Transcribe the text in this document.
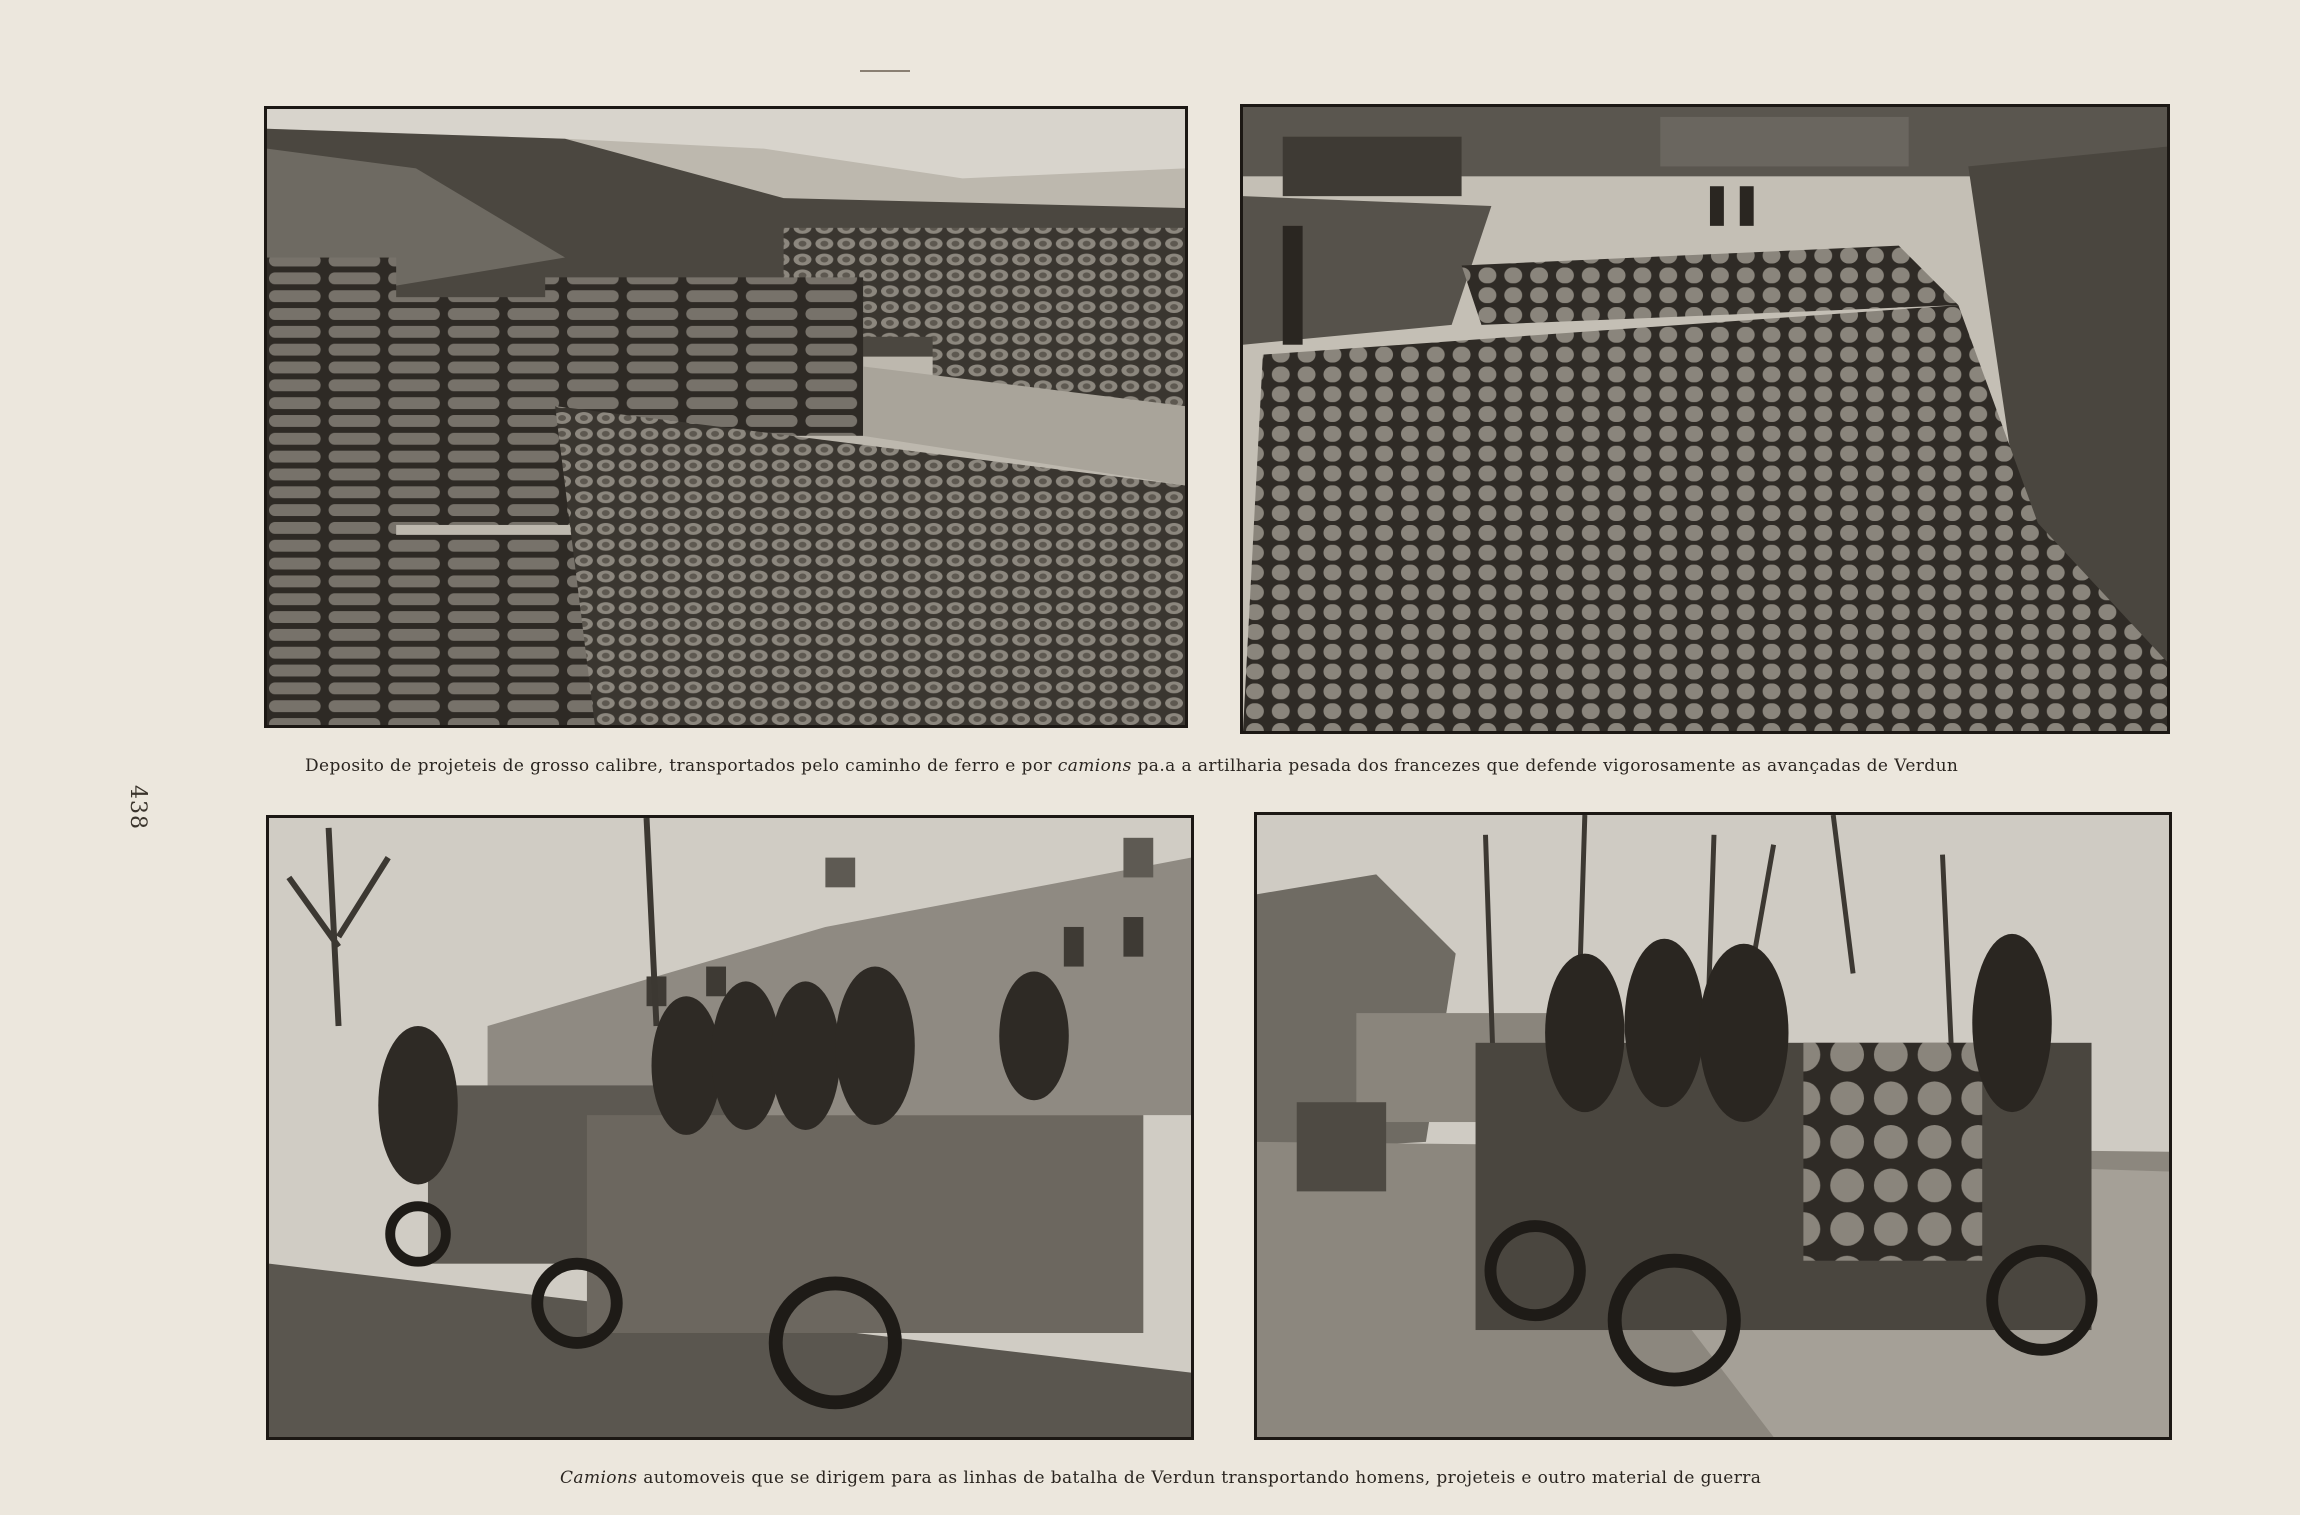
438
Deposito de projeteis de grosso calibre, transportados pelo caminho de ferro e por camions pa.a a artilharia pesada dos francezes que defende vigorosamente as avançadas de Verdun
Camions automoveis que se dirigem para as linhas de batalha de Verdun transportando homens, projeteis e outro material de guerra
